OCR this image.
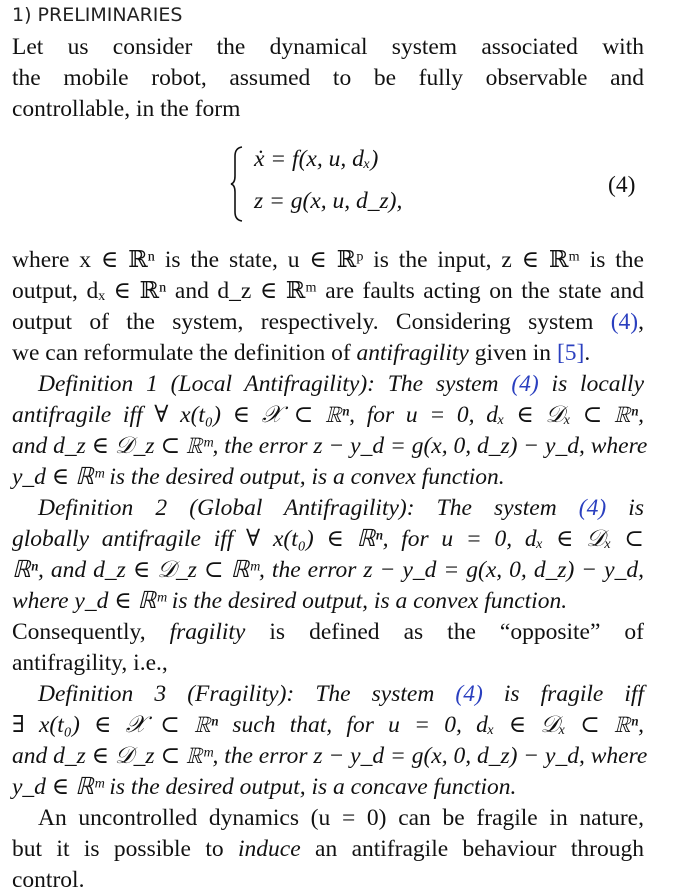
1) PRELIMINARIES
Let us consider the dynamical system associated with
the mobile robot, assumed to be fully observable and
controllable, in the form
ẋ = f(x, u, dₓ)
z = g(x, u, d_z),
(4)
where x ∈ ℝⁿ is the state, u ∈ ℝᵖ is the input, z ∈ ℝᵐ is the
output, dₓ ∈ ℝⁿ and d_z ∈ ℝᵐ are faults acting on the state and
output of the system, respectively. Considering system (4),
we can reformulate the definition of antifragility given in [5].
Definition 1 (Local Antifragility): The system (4) is locally
antifragile iff ∀ x(t₀) ∈ 𝒳 ⊂ ℝⁿ, for u = 0, dₓ ∈ 𝒟ₓ ⊂ ℝⁿ,
and d_z ∈ 𝒟_z ⊂ ℝᵐ, the error z − y_d = g(x, 0, d_z) − y_d, where
y_d ∈ ℝᵐ is the desired output, is a convex function.
Definition 2 (Global Antifragility): The system (4) is
globally antifragile iff ∀ x(t₀) ∈ ℝⁿ, for u = 0, dₓ ∈ 𝒟ₓ ⊂
ℝⁿ, and d_z ∈ 𝒟_z ⊂ ℝᵐ, the error z − y_d = g(x, 0, d_z) − y_d,
where y_d ∈ ℝᵐ is the desired output, is a convex function.
Consequently, fragility is defined as the “opposite” of
antifragility, i.e.,
Definition 3 (Fragility): The system (4) is fragile iff
∃ x(t₀) ∈ 𝒳 ⊂ ℝⁿ such that, for u = 0, dₓ ∈ 𝒟ₓ ⊂ ℝⁿ,
and d_z ∈ 𝒟_z ⊂ ℝᵐ, the error z − y_d = g(x, 0, d_z) − y_d, where
y_d ∈ ℝᵐ is the desired output, is a concave function.
An uncontrolled dynamics (u = 0) can be fragile in nature,
but it is possible to induce an antifragile behaviour through
control.
